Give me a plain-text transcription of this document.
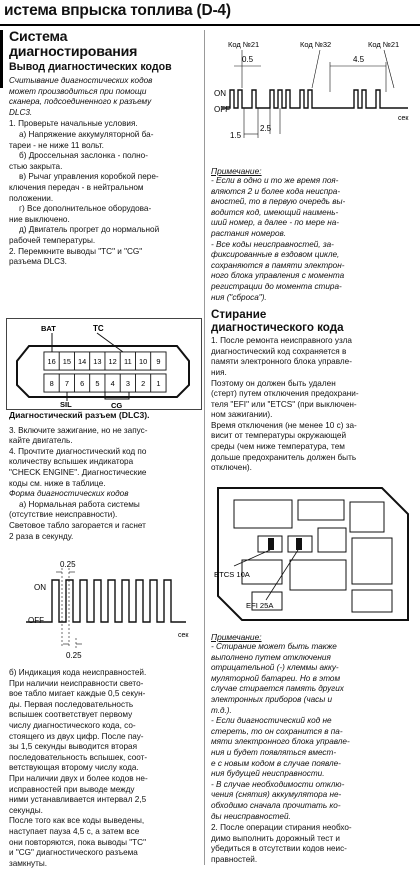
истема впрыска топлива (D-4)
Система
диагностирования
Вывод диагностических кодов

Считывание диагностических кодов

может производиться при помощи

сканера, подсоединенного к разъему

DLC3.

1. Проверьте начальные условия.

а) Напряжение аккумуляторной ба-

тареи - не ниже 11 вольт.

б) Дроссельная заслонка - полно-

стью закрыта.

в) Рычаг управления коробкой пере-

ключения передач - в нейтральном

положении.

г) Все дополнительное оборудова-

ние выключено.

д) Двигатель прогрет до нормальной

рабочей температуры.

2. Перемкните выводы "TC" и "CG"

разъема DLC3.

16 15 14 13 12 11 10 9
8 7 6 5 4 3 2 1
BAT	TC
SIL	CG

Диагностический разъем (DLC3).

3. Включите зажигание, но не запус-

кайте двигатель.

4. Прочтите диагностический код по

количеству вспышек индикатора

"CHECK ENGINE". Диагностические

коды см. ниже в таблице.

Форма диагностических кодов

а) Нормальная работа системы

(отсутствие неисправности).

Световое табло загорается и гаснет

2 раза в секунду.

0.25
0.25
ON
OFF
сек

б) Индикация кода неисправностей.

При наличии неисправности свето-

вое табло мигает каждые 0,5 секун-

ды. Первая последовательность

вспышек соответствует первому

числу диагностического кода, со-

стоящего из двух цифр. После пау-

зы 1,5 секунды выводится вторая

последовательность вспышек, соот-

ветствующая второму числу кода.

При наличии двух и более кодов не-

исправностей при выводе между

ними устанавливается интервал 2,5

секунды.

После того как все коды выведены,

наступает пауза 4,5 с, а затем все

они повторяются, пока выводы "TC"

и "CG" диагностического разъема

замкнуты.

Код №21	Код №32	Код №21
0.5	4.5
ON
OFF
сек
1.5
2.5
Примечание:

- Если в одно и то же время поя-

вляются 2 и более кода неиспра-

вностей, то в первую очередь вы-

водится код, имеющий наимень-

ший номер, а далее - по мере на-

растания номеров.

- Все коды неисправностей, за-

фиксированные в ездовом цикле,

сохраняются в памяти электрон-

ного блока управления с момента

регистрации до момента стира-

ния ("сброса").

Стирание
диагностического кода

1. После ремонта неисправного узла

диагностический код сохраняется в

памяти электронного блока управле-

ния.

Поэтому он должен быть удален

(стерт) путем отключения предохрани-

теля "EFI" или "ETCS" (при выключен-

ном зажигании).

Время отключения (не менее 10 с) за-

висит от температуры окружающей

среды (чем ниже температура, тем

дольше предохранитель должен быть

отключен).

ETCS 10A
EFI 25A
Примечание:

- Стирание может быть также

выполнено путем отключения

отрицательной (-) клеммы акку-

муляторной батареи. Но в этом

случае стирается память других

электронных приборов (часы и

т.д.).

- Если диагностический код не

стереть, то он сохранится в па-

мяти электронного блока управле-

ния и будет появляться вмест-

е с новым кодом в случае появле-

ния будущей неисправности.

- В случае необходимости отклю-

чения (снятия) аккумулятора не-

обходимо сначала прочитать ко-

ды неисправностей.

2. После операции стирания необхо-

димо выполнить дорожный тест и

убедиться в отсутствии кодов неис-

правностей.
